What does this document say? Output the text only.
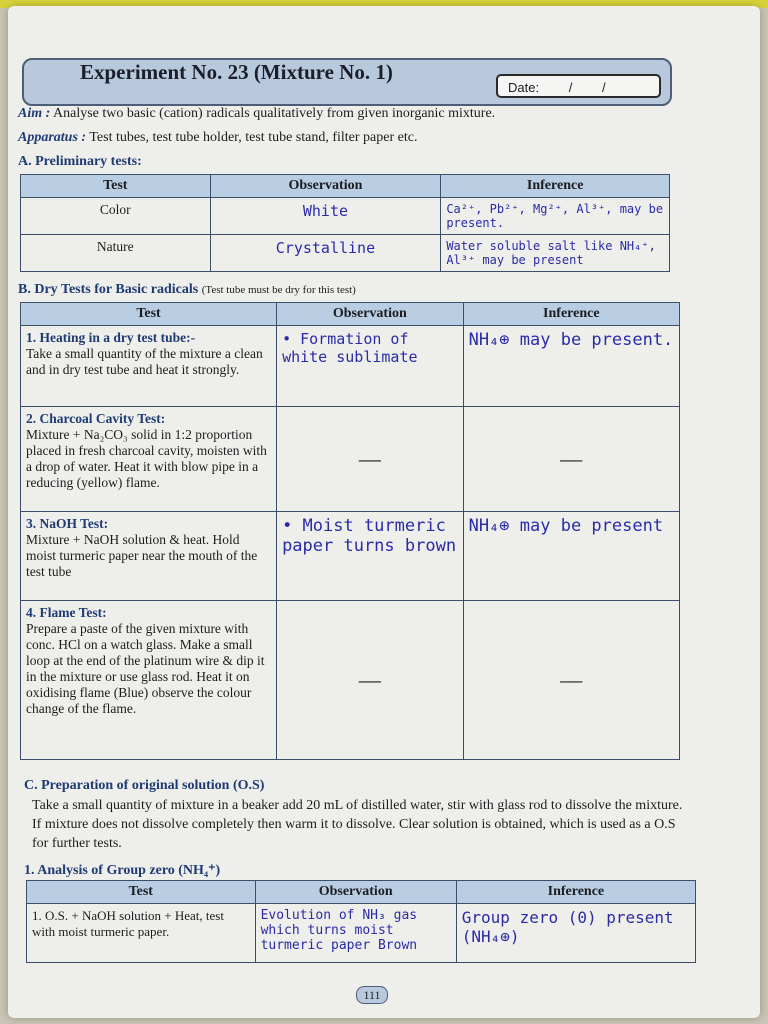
Experiment No. 23 (Mixture No. 1)
Date: / /
Aim : Analyse two basic (cation) radicals qualitatively from given inorganic mixture.
Apparatus : Test tubes, test tube holder, test tube stand, filter paper etc.
A. Preliminary tests:
Test	Observation	Inference
Color	White	Ca²⁺, Pb²⁺, Mg²⁺, Al³⁺, may be present.
Nature	Crystalline	Water soluble salt like NH₄⁺, Al³⁺ may be present
B. Dry Tests for Basic radicals (Test tube must be dry for this test)
Test	Observation	Inference

1. Heating in a dry test tube:-
Take a small quantity of the mixture a clean and in dry test tube and heat it strongly.	• Formation of white sublimate	NH₄⊕ may be present.

2. Charcoal Cavity Test:
Mixture + Na₂CO₃ solid in 1:2 proportion placed in fresh charcoal cavity, moisten with a drop of water. Heat it with blow pipe in a reducing (yellow) flame.	—	—

3. NaOH Test:
Mixture + NaOH solution & heat. Hold moist turmeric paper near the mouth of the test tube	• Moist turmeric paper turns brown	NH₄⊕ may be present

4. Flame Test:
Prepare a paste of the given mixture with conc. HCl on a watch glass. Make a small loop at the end of the platinum wire & dip it in the mixture or use glass rod. Heat it on oxidising flame (Blue) observe the colour change of the flame.	—	—
C. Preparation of original solution (O.S)
Take a small quantity of mixture in a beaker add 20 mL of distilled water, stir with glass rod to dissolve the mixture. If mixture does not dissolve completely then warm it to dissolve. Clear solution is obtained, which is used as a O.S for further tests.
1. Analysis of Group zero (NH₄⁺)
Test	Observation	Inference
1. O.S. + NaOH solution + Heat, test with moist turmeric paper.	Evolution of NH₃ gas which turns moist turmeric paper Brown	Group zero (0) present (NH₄⊕)
111
